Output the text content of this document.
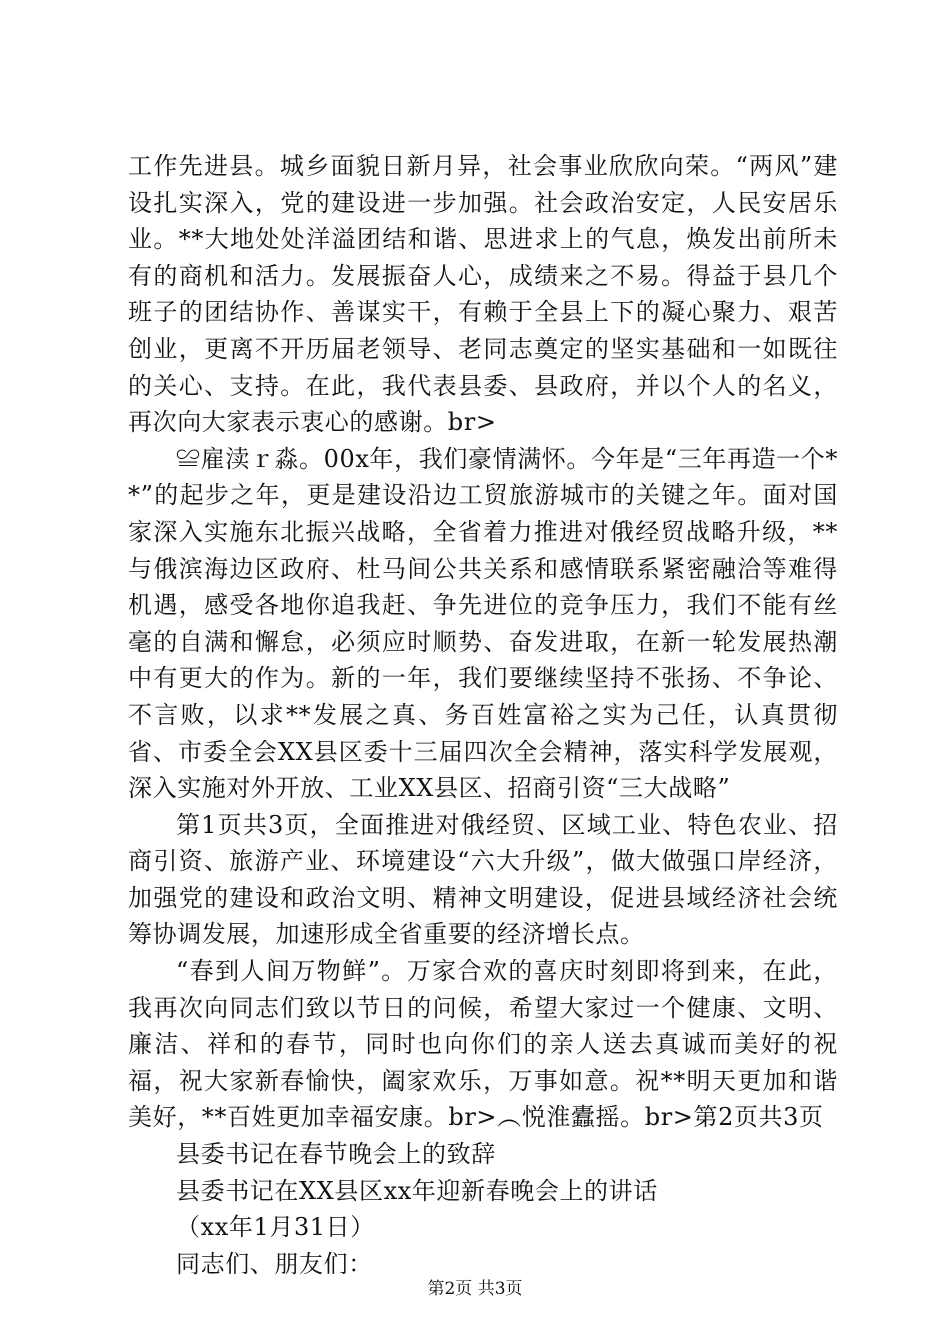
工作先进县。城乡面貌日新月异，社会事业欣欣向荣。“两风”建设扎实深入，党的建设进一步加强。社会政治安定，人民安居乐业。**大地处处洋溢团结和谐、思进求上的气息，焕发出前所未有的商机和活力。发展振奋人心，成绩来之不易。得益于县几个班子的团结协作、善谋实干，有赖于全县上下的凝心聚力、艰苦创业，更离不开历届老领导、老同志奠定的坚实基础和一如既往的关心、支持。在此，我代表县委、县政府，并以个人的名义，再次向大家表示衷心的感谢。br>

≌雇渎ｒ淼。00x年，我们豪情满怀。今年是“三年再造一个**”的起步之年，更是建设沿边工贸旅游城市的关键之年。面对国家深入实施东北振兴战略，全省着力推进对俄经贸战略升级，**与俄滨海边区政府、杜马间公共关系和感情联系紧密融洽等难得机遇，感受各地你追我赶、争先进位的竞争压力，我们不能有丝毫的自满和懈怠，必须应时顺势、奋发进取，在新一轮发展热潮中有更大的作为。新的一年，我们要继续坚持不张扬、不争论、不言败，以求**发展之真、务百姓富裕之实为己任，认真贯彻省、市委全会XX县区委十三届四次全会精神，落实科学发展观，深入实施对外开放、工业XX县区、招商引资“三大战略”

第1页共3页，全面推进对俄经贸、区域工业、特色农业、招商引资、旅游产业、环境建设“六大升级”，做大做强口岸经济，加强党的建设和政治文明、精神文明建设，促进县域经济社会统筹协调发展，加速形成全省重要的经济增长点。

“春到人间万物鲜”。万家合欢的喜庆时刻即将到来，在此，我再次向同志们致以节日的问候，希望大家过一个健康、文明、廉洁、祥和的春节，同时也向你们的亲人送去真诚而美好的祝福，祝大家新春愉快，阖家欢乐，万事如意。祝**明天更加和谐美好，**百姓更加幸福安康。br>︵悦淮蠹摇。br>第2页共3页

县委书记在春节晚会上的致辞

县委书记在XX县区xx年迎新春晚会上的讲话

（xx年1月31日）

同志们、朋友们：

第2页 共3页
